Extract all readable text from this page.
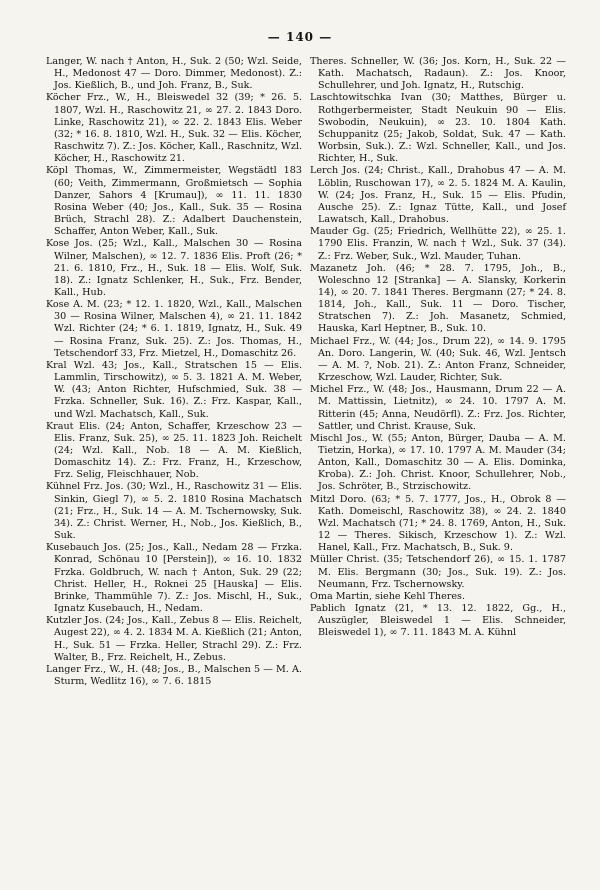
— 140 —

Langer, W. nach † Anton, H., Suk. 2 (50; Wzl. Seide, H., Medonost 47 — Doro. Dimmer, Medonost). Z.: Jos. Kießlich, B., und Joh. Franz, B., Suk.

Köcher Frz., W., H., Bleiswedel 32 (39; * 26. 5. 1807, Wzl. H., Raschowitz 21, ∞ 27. 2. 1843 Doro. Linke, Raschowitz 21), ∞ 22. 2. 1843 Elis. Weber (32; * 16. 8. 1810, Wzl. H., Suk. 32 — Elis. Köcher, Raschwitz 7). Z.: Jos. Köcher, Kall., Raschnitz, Wzl. Köcher, H., Raschowitz 21.

Köpl Thomas, W., Zimmermeister, Wegstädtl 183 (60; Veith, Zimmermann, Großmietsch — Sophia Danzer, Sahors 4 [Krumau]), ∞ 11. 11. 1830 Rosina Weber (40; Jos., Kall., Suk. 35 — Rosina Brüch, Strachl 28). Z.: Adalbert Dauchenstein, Schaffer, Anton Weber, Kall., Suk.

Kose Jos. (25; Wzl., Kall., Malschen 30 — Rosina Wilner, Malschen), ∞ 12. 7. 1836 Elis. Proft (26; * 21. 6. 1810, Frz., H., Suk. 18 — Elis. Wolf, Suk. 18). Z.: Ignatz Schlenker, H., Suk., Frz. Bender, Kall., Hub.

Kose A. M. (23; * 12. 1. 1820, Wzl., Kall., Malschen 30 — Rosina Wilner, Malschen 4), ∞ 21. 11. 1842 Wzl. Richter (24; * 6. 1. 1819, Ignatz, H., Suk. 49 — Rosina Franz, Suk. 25). Z.: Jos. Thomas, H., Tetschendorf 33, Frz. Mietzel, H., Domaschitz 26.

Kral Wzl. 43; Jos., Kall., Stratschen 15 — Elis. Lammlin, Tirschowitz), ∞ 5. 3. 1821 A. M. Weber, W. (43; Anton Richter, Hufschmied, Suk. 38 — Frzka. Schneller, Suk. 16). Z.: Frz. Kaspar, Kall., und Wzl. Machatsch, Kall., Suk.

Kraut Elis. (24; Anton, Schaffer, Krzeschow 23 — Elis. Franz, Suk. 25), ∞ 25. 11. 1823 Joh. Reichelt (24; Wzl. Kall., Nob. 18 — A. M. Kießlich, Domaschitz 14). Z.: Frz. Franz, H., Krzeschow, Frz. Selig, Fleischhauer, Nob.

Kühnel Frz. Jos. (30; Wzl., H., Raschowitz 31 — Elis. Sinkin, Giegl 7), ∞ 5. 2. 1810 Rosina Machatsch (21; Frz., H., Suk. 14 — A. M. Tschernowsky, Suk. 34). Z.: Christ. Werner, H., Nob., Jos. Kießlich, B., Suk.

Kusebauch Jos. (25; Jos., Kall., Nedam 28 — Frzka. Konrad, Schönau 10 [Perstein]), ∞ 16. 10. 1832 Frzka. Goldbruch, W. nach † Anton, Suk. 29 (22; Christ. Heller, H., Roknei 25 [Hauska] — Elis. Brinke, Thammühle 7). Z.: Jos. Mischl, H., Suk., Ignatz Kusebauch, H., Nedam.

Kutzler Jos. (24; Jos., Kall., Zebus 8 — Elis. Reichelt, Augest 22), ∞ 4. 2. 1834 M. A. Kießlich (21; Anton, H., Suk. 51 — Frzka. Heller, Strachl 29). Z.: Frz. Walter, B., Frz. Reichelt, H., Zebus.

Langer Frz., W., H. (48; Jos., B., Malschen 5 — M. A. Sturm, Wedlitz 16), ∞ 7. 6. 1815

Theres. Schneller, W. (36; Jos. Korn, H., Suk. 22 — Kath. Machatsch, Radaun). Z.: Jos. Knoor, Schullehrer, und Joh. Ignatz, H., Rutschig.

Laschtowitschka Ivan (30; Matthes, Bürger u. Rothgerbermeister, Stadt Neukuin 90 — Elis. Swobodin, Neukuin), ∞ 23. 10. 1804 Kath. Schuppanitz (25; Jakob, Soldat, Suk. 47 — Kath. Worbsin, Suk.). Z.: Wzl. Schneller, Kall., und Jos. Richter, H., Suk.

Lerch Jos. (24; Christ., Kall., Drahobus 47 — A. M. Löblin, Ruschowan 17), ∞ 2. 5. 1824 M. A. Kaulin, W. (24; Jos. Franz, H., Suk. 15 — Elis. Pfudin, Ausche 25). Z.: Ignaz Tütte, Kall., und Josef Lawatsch, Kall., Drahobus.

Mauder Gg. (25; Friedrich, Wellhütte 22), ∞ 25. 1. 1790 Elis. Franzin, W. nach † Wzl., Suk. 37 (34). Z.: Frz. Weber, Suk., Wzl. Mauder, Tuhan.

Mazanetz Joh. (46; * 28. 7. 1795, Joh., B., Woleschno 12 [Stranka] — A. Slansky, Korkerin 14), ∞ 20. 7. 1841 Theres. Bergmann (27; * 24. 8. 1814, Joh., Kall., Suk. 11 — Doro. Tischer, Stratschen 7). Z.: Joh. Masanetz, Schmied, Hauska, Karl Heptner, B., Suk. 10.

Michael Frz., W. (44; Jos., Drum 22), ∞ 14. 9. 1795 An. Doro. Langerin, W. (40; Suk. 46, Wzl. Jentsch — A. M. ?, Nob. 21). Z.: Anton Franz, Schneider, Krzeschow, Wzl. Lauder, Richter, Suk.

Michel Frz., W. (48; Jos., Hausmann, Drum 22 — A. M. Mattissin, Lietnitz), ∞ 24. 10. 1797 A. M. Ritterin (45; Anna, Neudörfl). Z.: Frz. Jos. Richter, Sattler, und Christ. Krause, Suk.

Mischl Jos., W. (55; Anton, Bürger, Dauba — A. M. Tietzin, Horka), ∞ 17. 10. 1797 A. M. Mauder (34; Anton, Kall., Domaschitz 30 — A. Elis. Dominka, Kroba). Z.: Joh. Christ. Knoor, Schullehrer, Nob., Jos. Schröter, B., Strzischowitz.

Mitzl Doro. (63; * 5. 7. 1777, Jos., H., Obrok 8 — Kath. Domeischl, Raschowitz 38), ∞ 24. 2. 1840 Wzl. Machatsch (71; * 24. 8. 1769, Anton, H., Suk. 12 — Theres. Sikisch, Krzeschow 1). Z.: Wzl. Hanel, Kall., Frz. Machatsch, B., Suk. 9.

Müller Christ. (35; Tetschendorf 26), ∞ 15. 1. 1787 M. Elis. Bergmann (30; Jos., Suk. 19). Z.: Jos. Neumann, Frz. Tschernowsky.

Oma Martin, siehe Kehl Theres.

Pablich Ignatz (21, * 13. 12. 1822, Gg., H., Auszügler, Bleiswedel 1 — Elis. Schneider, Bleiswedel 1), ∞ 7. 11. 1843 M. A. Kühnl
